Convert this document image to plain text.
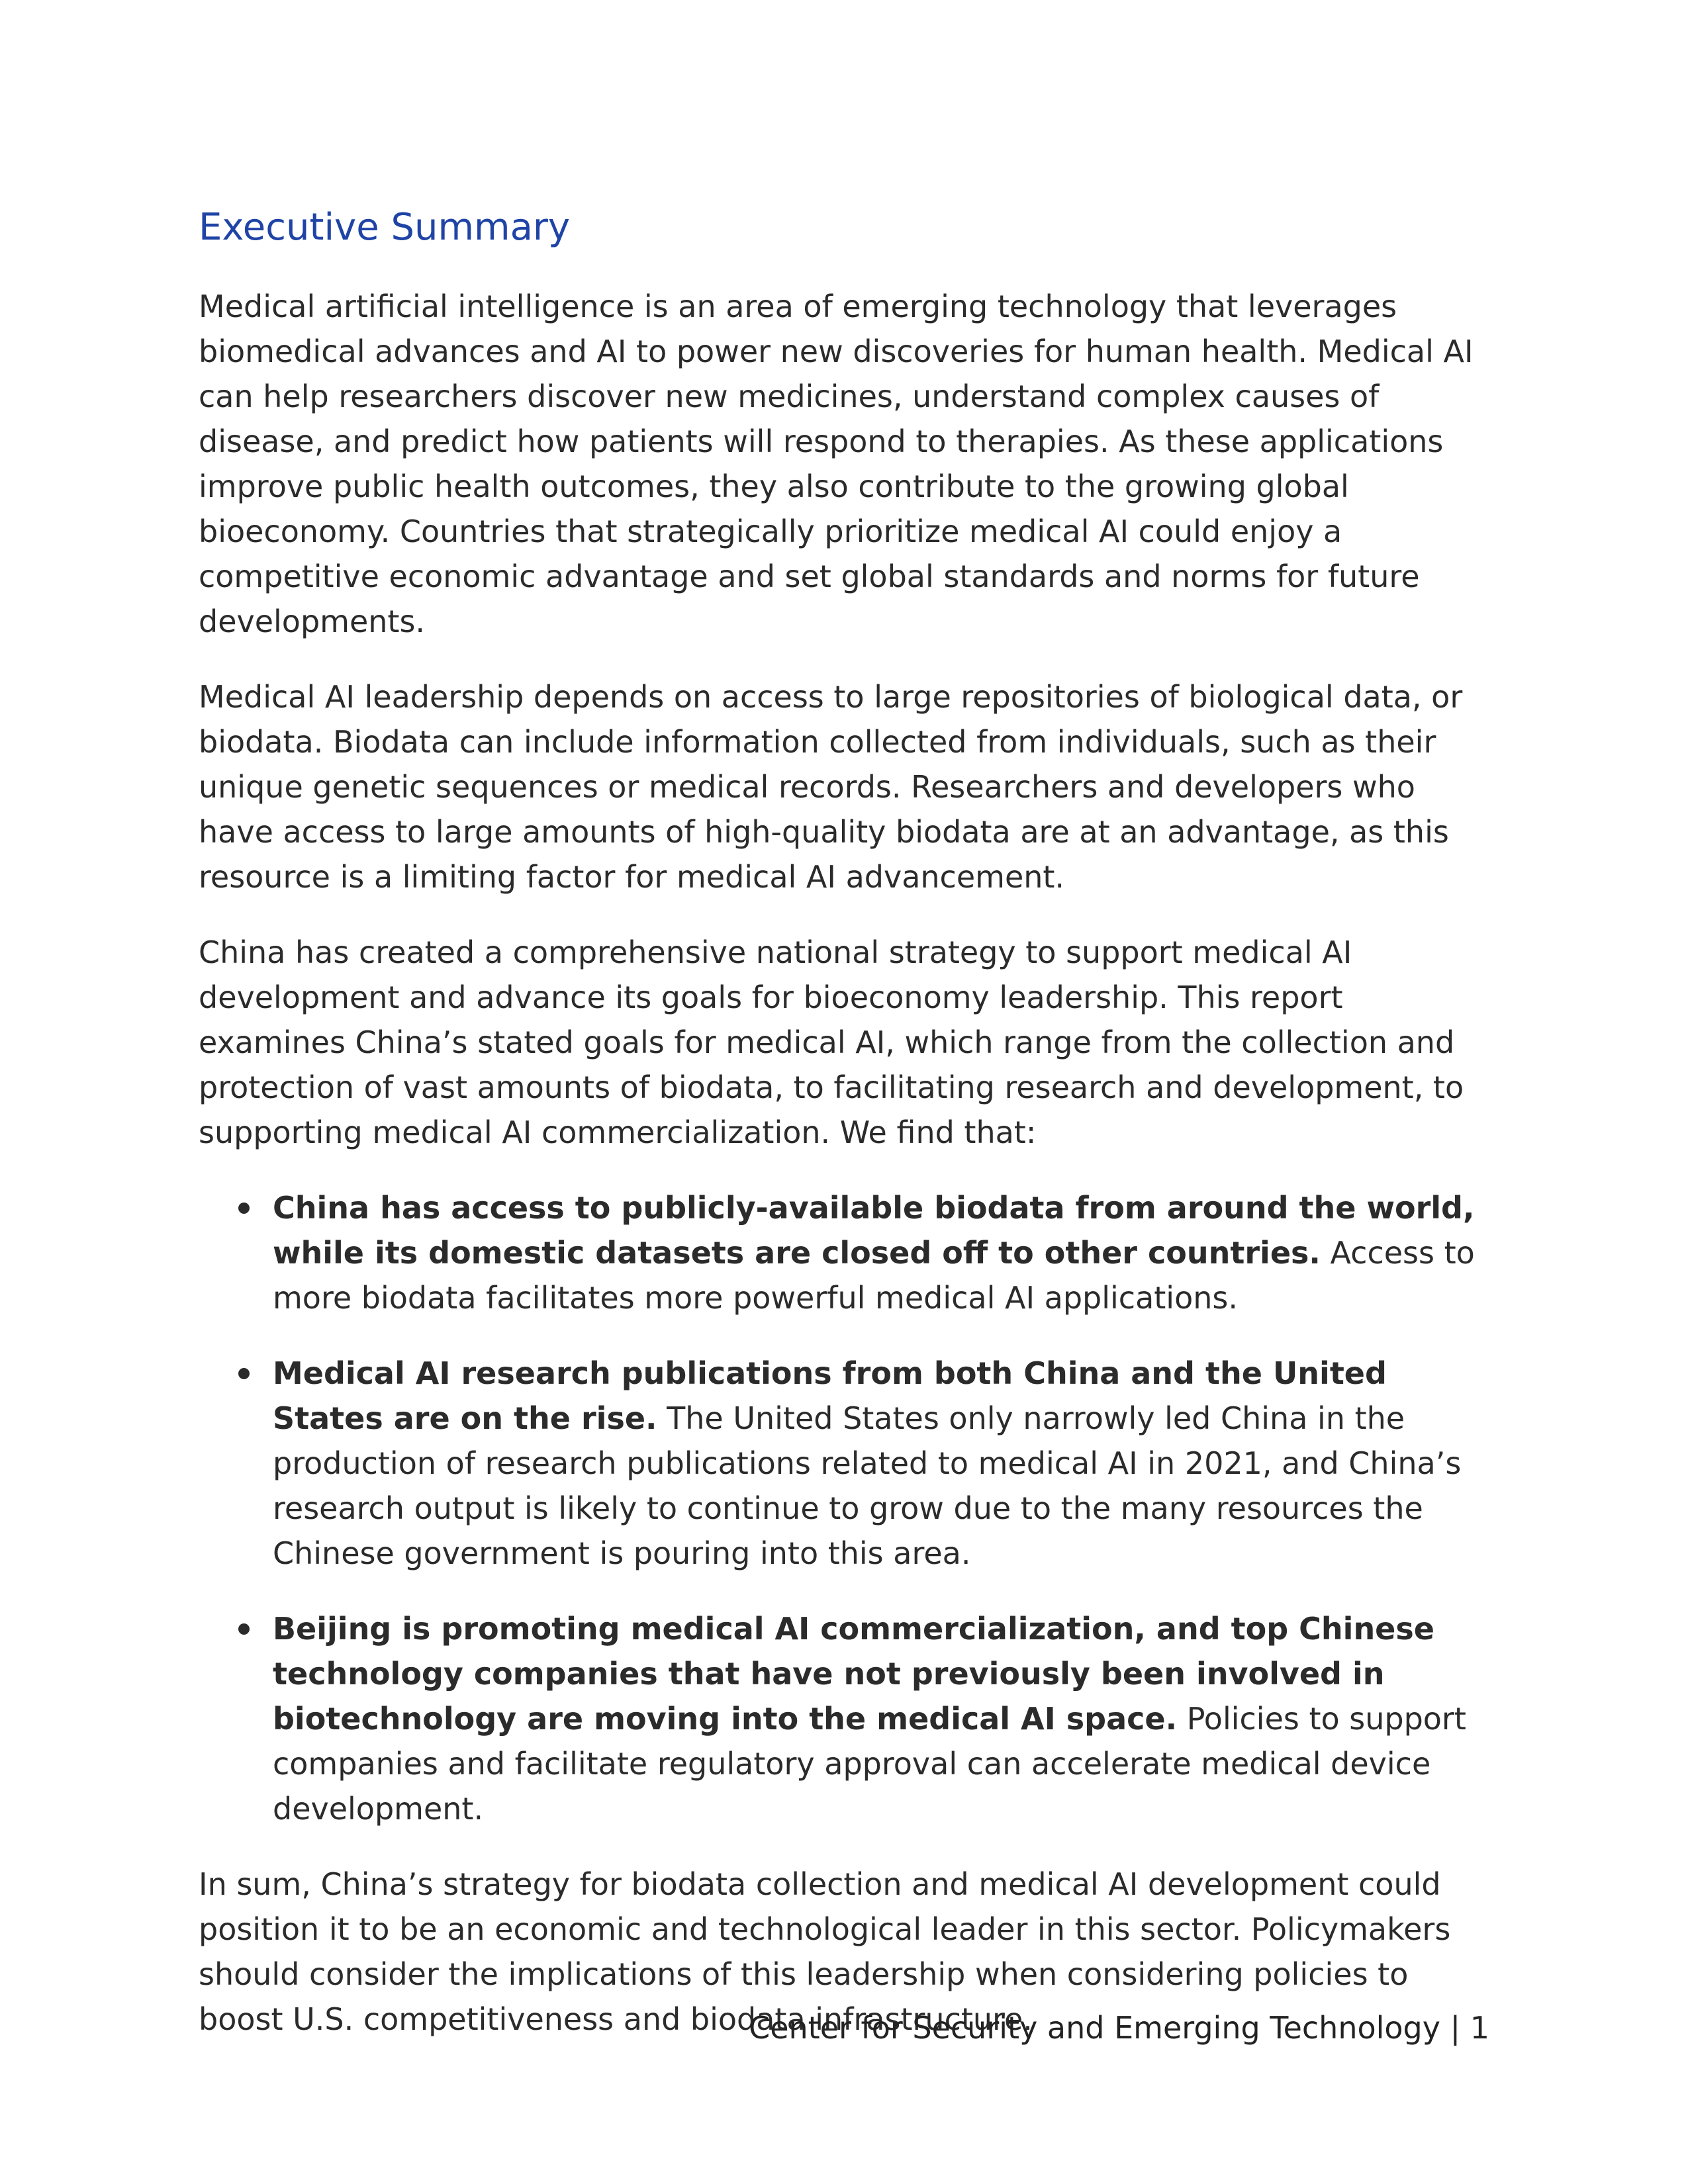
Executive Summary

Medical artificial intelligence is an area of emerging technology that leverages biomedical advances and AI to power new discoveries for human health. Medical AI can help researchers discover new medicines, understand complex causes of disease, and predict how patients will respond to therapies. As these applications improve public health outcomes, they also contribute to the growing global bioeconomy. Countries that strategically prioritize medical AI could enjoy a competitive economic advantage and set global standards and norms for future developments.

Medical AI leadership depends on access to large repositories of biological data, or biodata. Biodata can include information collected from individuals, such as their unique genetic sequences or medical records. Researchers and developers who have access to large amounts of high-quality biodata are at an advantage, as this resource is a limiting factor for medical AI advancement.

China has created a comprehensive national strategy to support medical AI development and advance its goals for bioeconomy leadership. This report examines China’s stated goals for medical AI, which range from the collection and protection of vast amounts of biodata, to facilitating research and development, to supporting medical AI commercialization. We find that:

China has access to publicly-available biodata from around the world, while its domestic datasets are closed off to other countries. Access to more biodata facilitates more powerful medical AI applications.
Medical AI research publications from both China and the United States are on the rise. The United States only narrowly led China in the production of research publications related to medical AI in 2021, and China’s research output is likely to continue to grow due to the many resources the Chinese government is pouring into this area.
Beijing is promoting medical AI commercialization, and top Chinese technology companies that have not previously been involved in biotechnology are moving into the medical AI space. Policies to support companies and facilitate regulatory approval can accelerate medical device development.

In sum, China’s strategy for biodata collection and medical AI development could position it to be an economic and technological leader in this sector. Policymakers should consider the implications of this leadership when considering policies to boost U.S. competitiveness and biodata infrastructure.

Center for Security and Emerging Technology | 1
